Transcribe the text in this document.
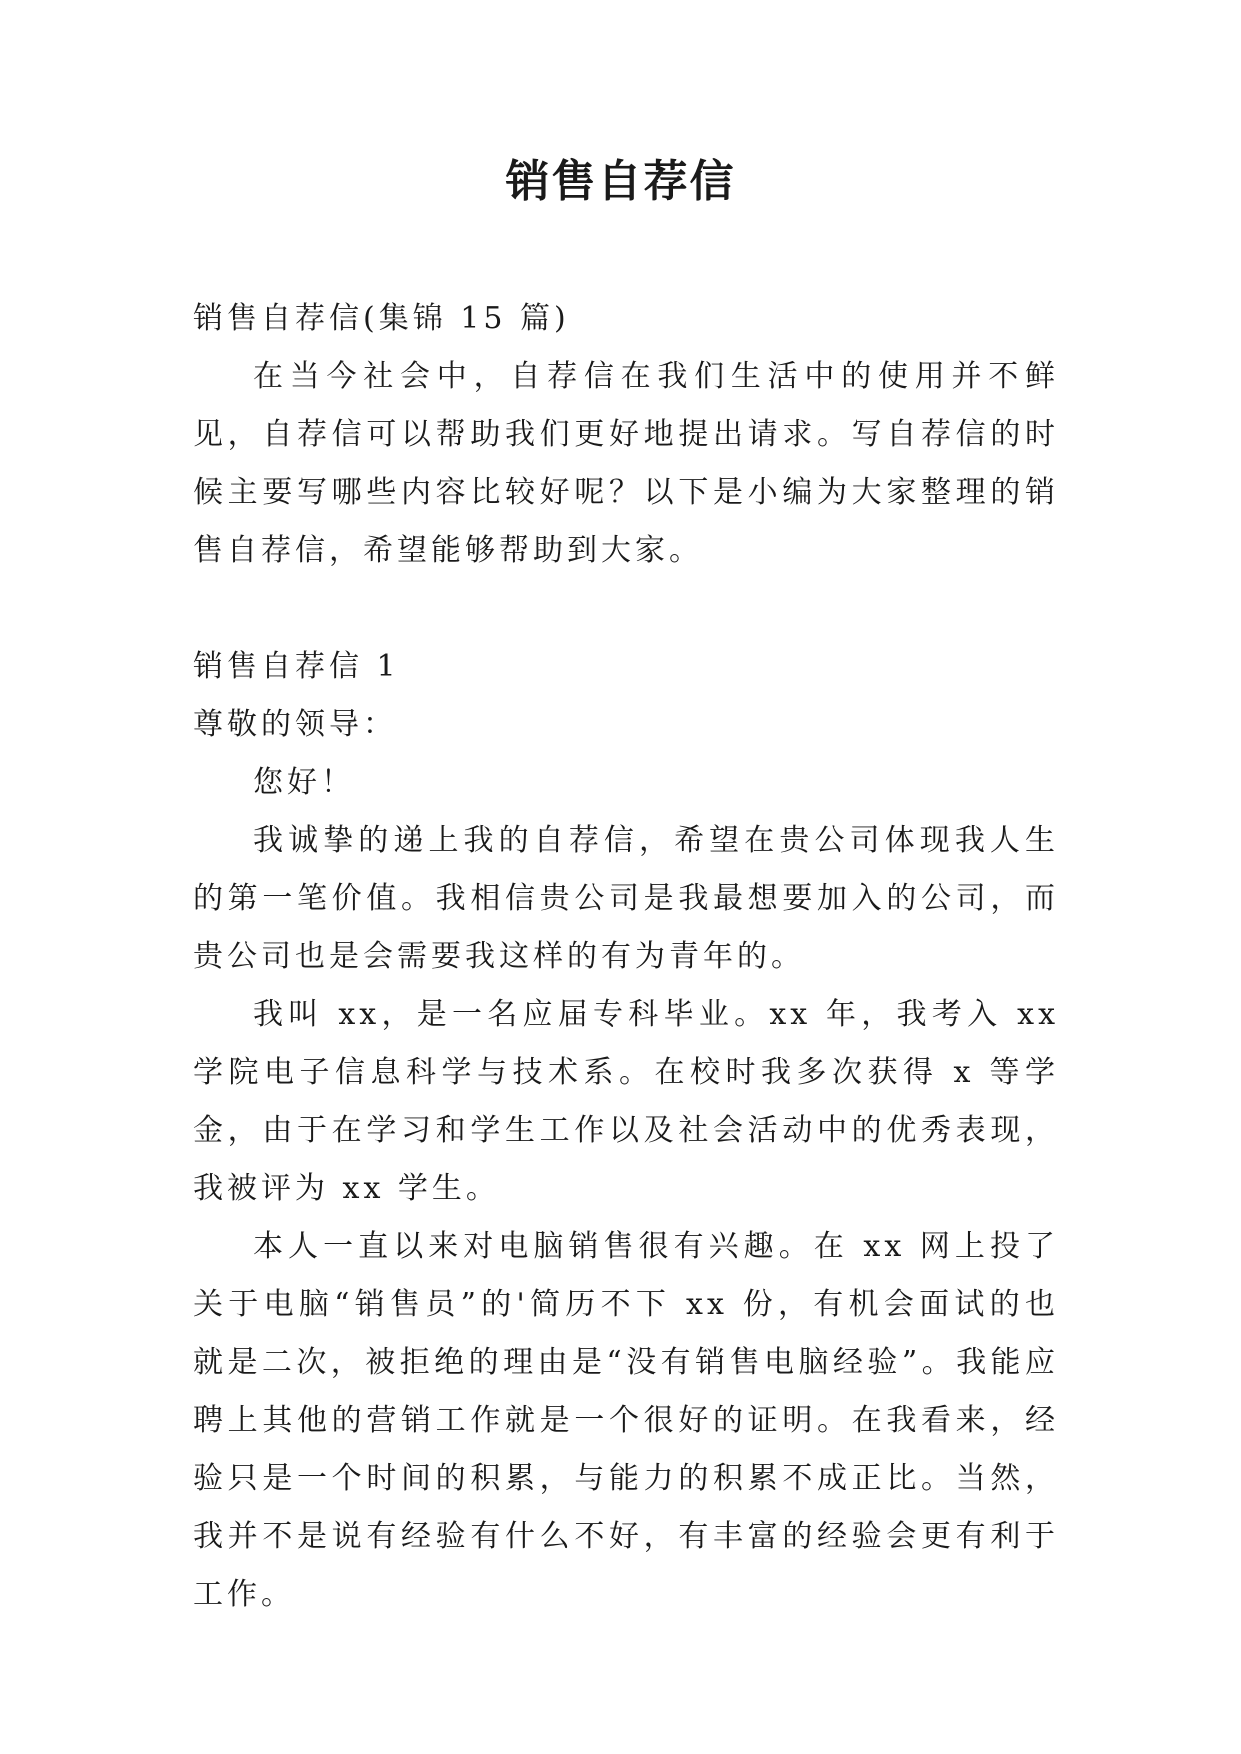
销售自荐信

销售自荐信(集锦 15 篇)

在当今社会中，自荐信在我们生活中的使用并不鲜见，自荐信可以帮助我们更好地提出请求。写自荐信的时候主要写哪些内容比较好呢？以下是小编为大家整理的销售自荐信，希望能够帮助到大家。

销售自荐信 1

尊敬的领导：

您好！

我诚挚的递上我的自荐信，希望在贵公司体现我人生的第一笔价值。我相信贵公司是我最想要加入的公司，而贵公司也是会需要我这样的有为青年的。

我叫 xx，是一名应届专科毕业。xx 年，我考入 xx 学院电子信息科学与技术系。在校时我多次获得 x 等学金，由于在学习和学生工作以及社会活动中的优秀表现，我被评为 xx 学生。

本人一直以来对电脑销售很有兴趣。在 xx 网上投了关于电脑“销售员”的'简历不下 xx 份，有机会面试的也就是二次，被拒绝的理由是“没有销售电脑经验”。我能应聘上其他的营销工作就是一个很好的证明。在我看来，经验只是一个时间的积累，与能力的积累不成正比。当然，我并不是说有经验有什么不好，有丰富的经验会更有利于工作。
